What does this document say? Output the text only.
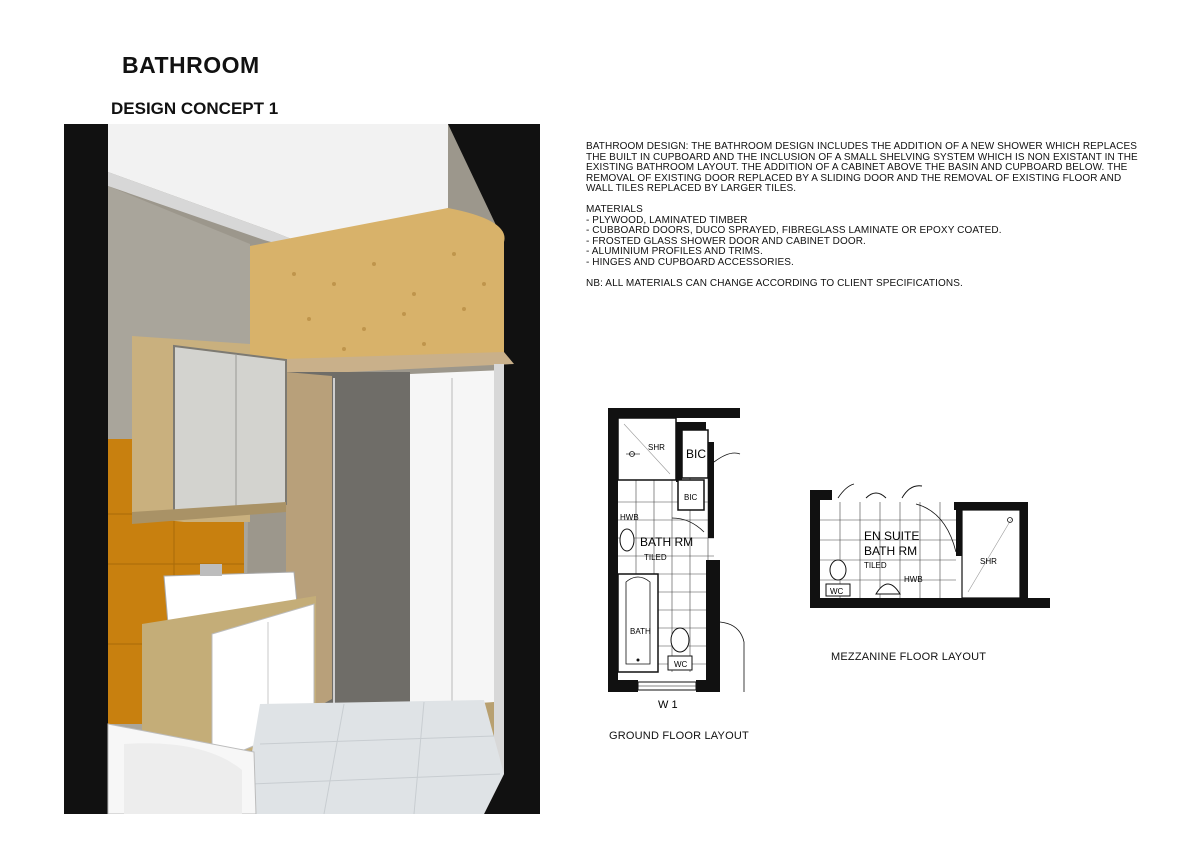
BATHROOM
DESIGN CONCEPT 1

BATHROOM DESIGN: THE BATHROOM DESIGN INCLUDES THE ADDITION OF A NEW SHOWER WHICH REPLACES THE BUILT IN CUPBOARD AND THE INCLUSION OF A SMALL SHELVING SYSTEM WHICH IS NON EXISTANT IN THE EXISTING BATHROOM LAYOUT. THE ADDITION OF A CABINET ABOVE THE BASIN AND CUPBOARD BELOW. THE REMOVAL OF EXISTING DOOR REPLACED BY A SLIDING DOOR AND THE REMOVAL OF EXISTING FLOOR AND WALL TILES REPLACED BY LARGER TILES.

MATERIALS

- PLYWOOD, LAMINATED TIMBER
- CUBBOARD DOORS, DUCO SPRAYED, FIBREGLASS LAMINATE OR EPOXY COATED.
- FROSTED GLASS SHOWER DOOR AND CABINET DOOR.
- ALUMINIUM PROFILES AND TRIMS.
- HINGES AND CUPBOARD ACCESSORIES.

NB: ALL MATERIALS CAN CHANGE ACCORDING TO CLIENT SPECIFICATIONS.

SHR BIC
BIC
HWB
BATH RM
TILED
BATH
WC
W 1
GROUND FLOOR LAYOUT
EN SUITE
BATH RM
TILED
HWB
WC
SHR
MEZZANINE FLOOR LAYOUT
